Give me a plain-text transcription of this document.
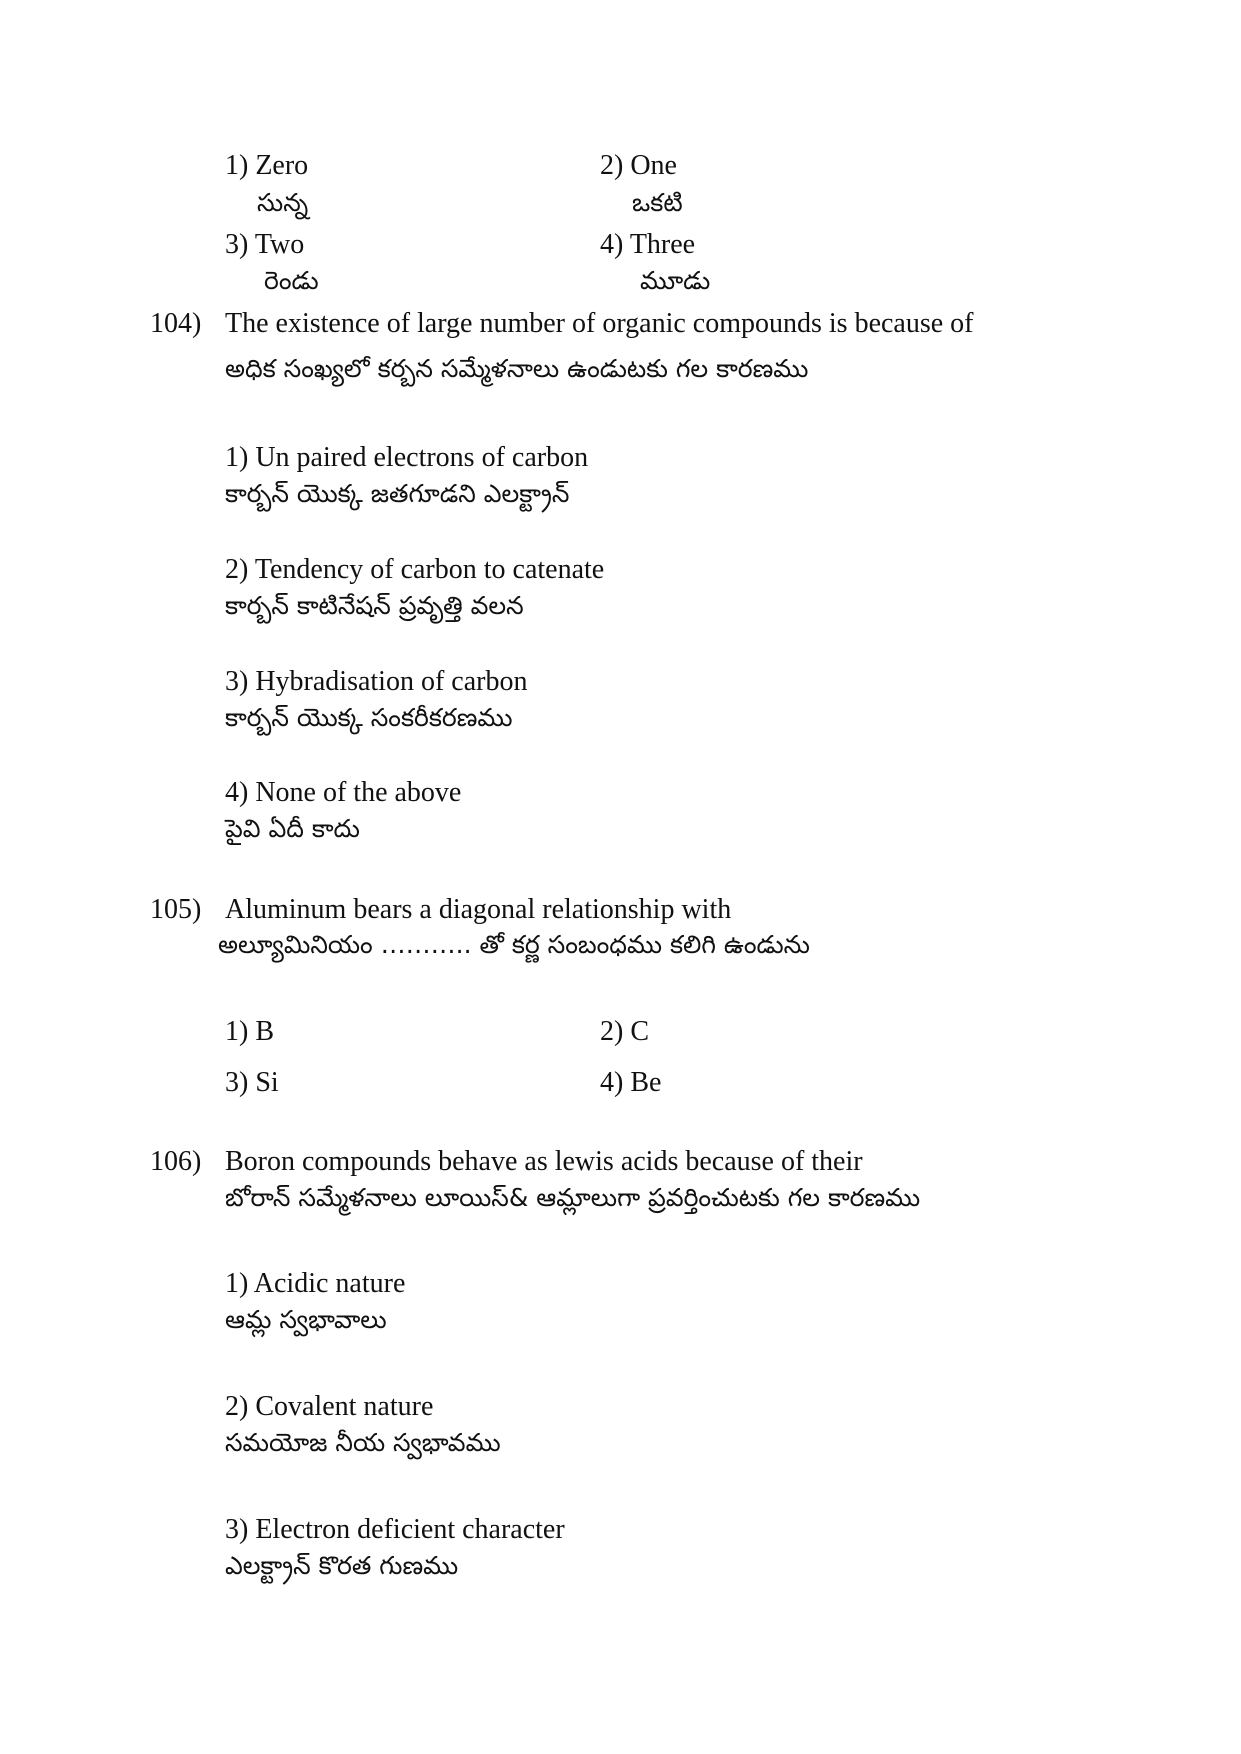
1) Zero
సున్న
2) One
ఒకటి
3) Two
రెండు
4) Three
మూడు
104) The existence of large number of organic compounds is because of
అధిక సంఖ్యలో కర్బన సమ్మేళనాలు ఉండుటకు గల కారణము
1) Un paired electrons of carbon
కార్బన్ యొక్క జతగూడని ఎలక్ట్రాన్
2) Tendency of carbon to catenate
కార్బన్ కాటినేషన్ ప్రవృత్తి వలన
3) Hybradisation of carbon
కార్బన్ యొక్క సంకరీకరణము
4) None of the above
పైవి ఏదీ కాదు
105) Aluminum bears a diagonal relationship with
అల్యూమినియం ……….. తో కర్ణ సంబంధము కలిగి ఉండును
1) B	2) C
3) Si	4) Be
106) Boron compounds behave as lewis acids because of their
బోరాన్ సమ్మేళనాలు లూయిస్& ఆమ్లాలుగా ప్రవర్తించుటకు గల కారణము
1) Acidic nature
ఆమ్ల స్వభావాలు
2) Covalent nature
సమయోజ నీయ స్వభావము
3) Electron deficient character
ఎలక్ట్రాన్ కొరత గుణము
